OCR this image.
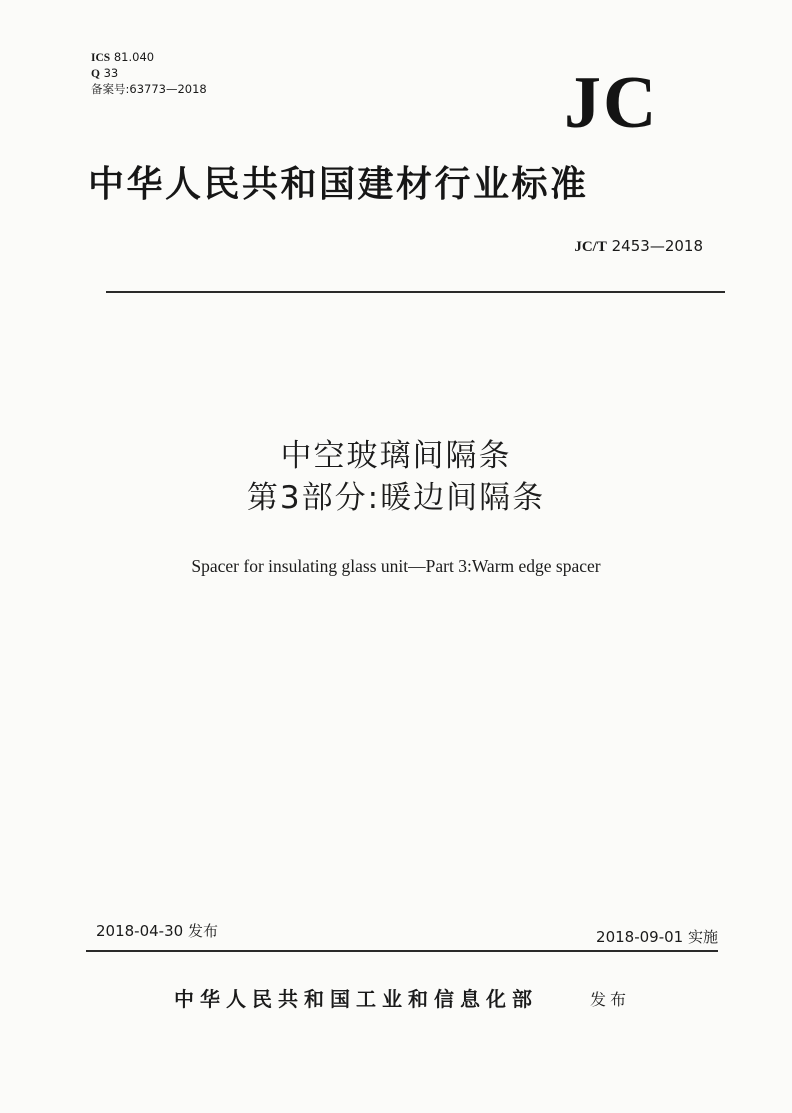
ICS 81.040
Q 33
备案号:63773—2018	JC
中华人民共和国建材行业标准
JC/T 2453—2018
中空玻璃间隔条
第3部分:暖边间隔条
Spacer for insulating glass unit—Part 3:Warm edge spacer
2018-04-30 发布	2018-09-01 实施
中华人民共和国工业和信息化部	发布
